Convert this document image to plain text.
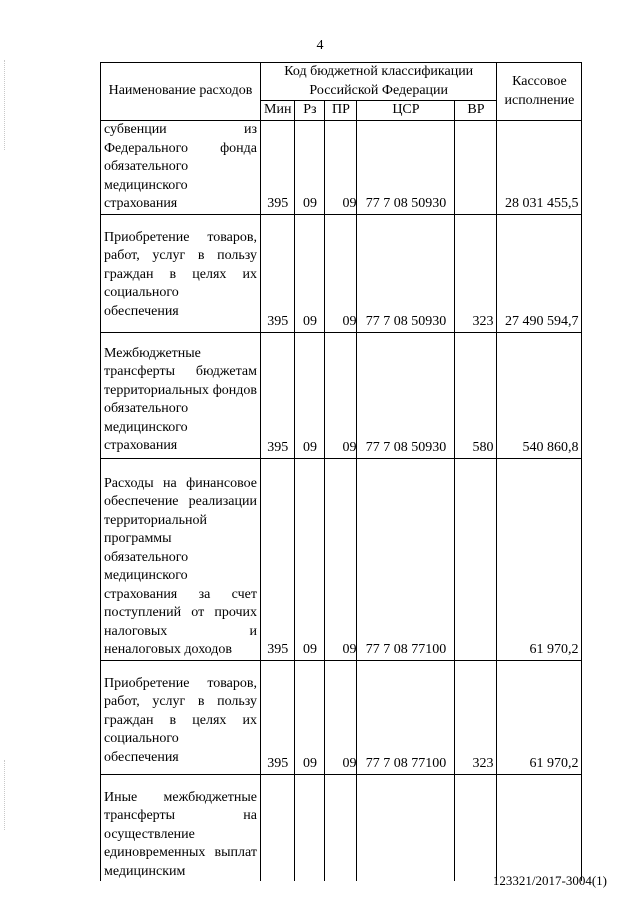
4
Наименование расходов	Код бюджетной классификации Российской Федерации					Кассовое исполнение
	Мин	Рз	ПР	ЦСР	ВР	
субвенции из Федерального фонда обязательного медицинского страхования	395	09	09	77 7 08 50930		28 031 455,5
Приобретение товаров, работ, услуг в пользу граждан в целях их социального обеспечения	395	09	09	77 7 08 50930	323	27 490 594,7
Межбюджетные трансферты бюджетам территориальных фондов обязательного медицинского страхования	395	09	09	77 7 08 50930	580	540 860,8
Расходы на финансовое обеспечение реализации территориальной программы обязательного медицинского страхования за счет поступлений от прочих налоговых и неналоговых доходов	395	09	09	77 7 08 77100		61 970,2
Приобретение товаров, работ, услуг в пользу граждан в целях их социального обеспечения	395	09	09	77 7 08 77100	323	61 970,2
Иные межбюджетные трансферты на осуществление единовременных выплат медицинским						
123321/2017-3004(1)
